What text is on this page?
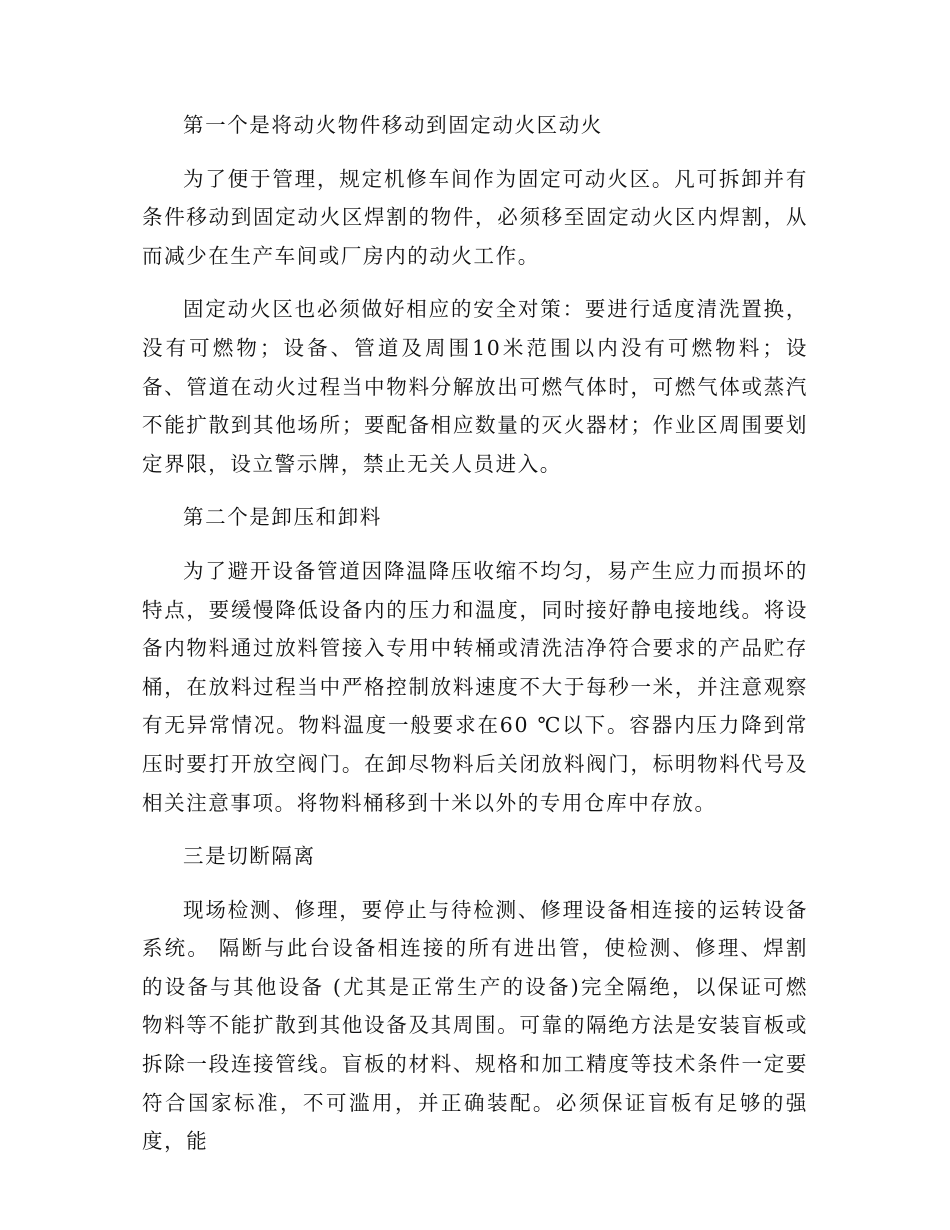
第一个是将动火物件移动到固定动火区动火

为了便于管理，规定机修车间作为固定可动火区。凡可拆卸并有条件移动到固定动火区焊割的物件，必须移至固定动火区内焊割，从而减少在生产车间或厂房内的动火工作。

固定动火区也必须做好相应的安全对策：要进行适度清洗置换，没有可燃物；设备、管道及周围10米范围以内没有可燃物料；设备、管道在动火过程当中物料分解放出可燃气体时，可燃气体或蒸汽不能扩散到其他场所；要配备相应数量的灭火器材；作业区周围要划定界限，设立警示牌，禁止无关人员进入。

第二个是卸压和卸料

为了避开设备管道因降温降压收缩不均匀，易产生应力而损坏的特点，要缓慢降低设备内的压力和温度，同时接好静电接地线。将设备内物料通过放料管接入专用中转桶或清洗洁净符合要求的产品贮存桶，在放料过程当中严格控制放料速度不大于每秒一米，并注意观察有无异常情况。物料温度一般要求在60 ℃以下。容器内压力降到常压时要打开放空阀门。在卸尽物料后关闭放料阀门，标明物料代号及相关注意事项。将物料桶移到十米以外的专用仓库中存放。

三是切断隔离

现场检测、修理，要停止与待检测、修理设备相连接的运转设备系统。 隔断与此台设备相连接的所有进出管，使检测、修理、焊割的设备与其他设备 (尤其是正常生产的设备)完全隔绝，以保证可燃物料等不能扩散到其他设备及其周围。可靠的隔绝方法是安装盲板或拆除一段连接管线。盲板的材料、规格和加工精度等技术条件一定要符合国家标准，不可滥用，并正确装配。必须保证盲板有足够的强度，能
